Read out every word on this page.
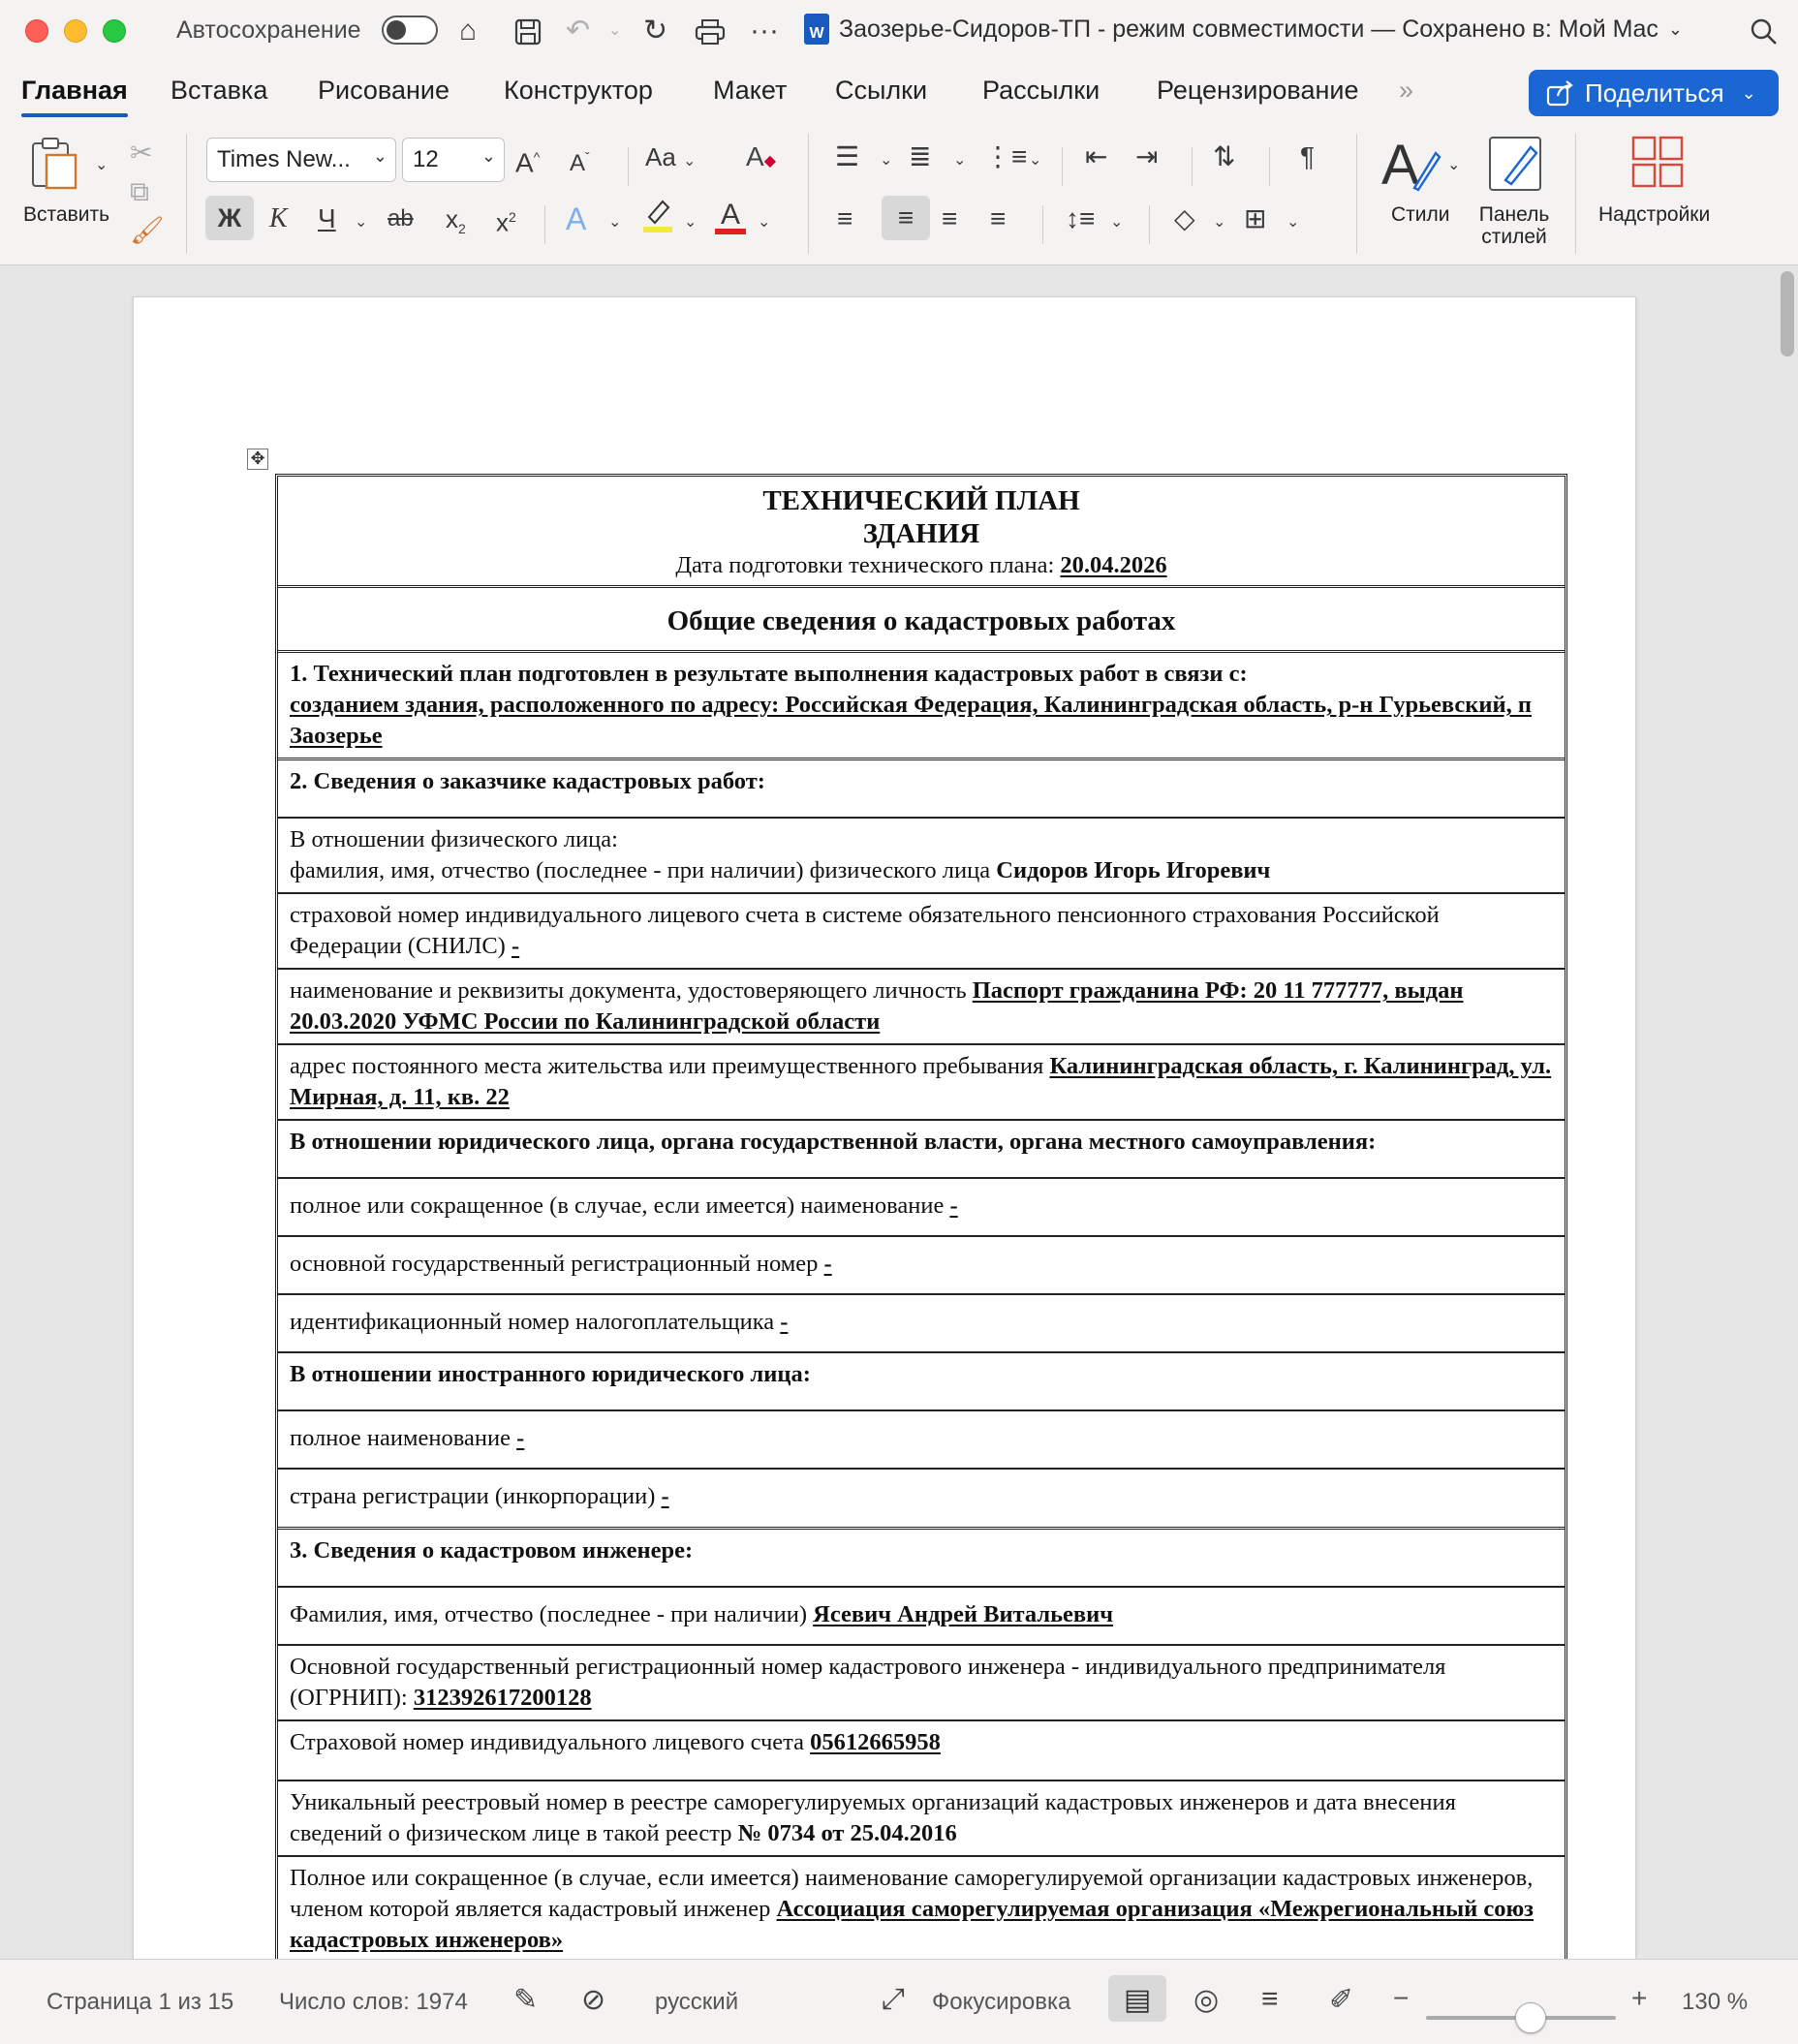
Автосохранение	⌂	↶ ⌄ ↻	···	W Заозерье-Сидоров-ТП - режим совместимости — Сохранено в: Мой Mac ⌄
Главная Вставка Рисование Конструктор Макет Ссылки Рассылки Рецензирование »	Поделиться ⌄
⌄
Вставить
✂
⧉
🖌
Times New... ⌄	12 ⌄ A^ $A^ˇ$ Aa ⌄ A◆
Ж	К Ч ⌄ ab $x_2$ $x^2$ A ⌄	⌄ A	⌄
☰ ⌄ ≣ ⌄ ⋮≡ ⌄ ⇤ ⇥ ⇅ ¶
≡	≡	≡ ≡ ↕≡ ⌄ ◇ ⌄ ⊞ ⌄
A ⌄
Стили	Панель стилей
Надстройки
✥
ТЕХНИЧЕСКИЙ ПЛАН
ЗДАНИЯ
Дата подготовки технического плана: 20.04.2026
Общие сведения о кадастровых работах
1. Технический план подготовлен в результате выполнения кадастровых работ в связи с:
созданием здания, расположенного по адресу: Российская Федерация, Калининградская область, р-н Гурьевский, п Заозерье
2. Сведения о заказчике кадастровых работ:
В отношении физического лица:
фамилия, имя, отчество (последнее - при наличии) физического лица Сидоров Игорь Игоревич
страховой номер индивидуального лицевого счета в системе обязательного пенсионного страхования Российской Федерации (СНИЛС) -
наименование и реквизиты документа, удостоверяющего личность Паспорт гражданина РФ: 20 11 777777, выдан 20.03.2020 УФМС России по Калининградской области
адрес постоянного места жительства или преимущественного пребывания Калининградская область, г. Калининград, ул. Мирная, д. 11, кв. 22
В отношении юридического лица, органа государственной власти, органа местного самоуправления:
полное или сокращенное (в случае, если имеется) наименование -
основной государственный регистрационный номер -
идентификационный номер налогоплательщика -
В отношении иностранного юридического лица:
полное наименование -
страна регистрации (инкорпорации) -
3. Сведения о кадастровом инженере:
Фамилия, имя, отчество (последнее - при наличии) Ясевич Андрей Витальевич
Основной государственный регистрационный номер кадастрового инженера - индивидуального предпринимателя (ОГРНИП): 312392617200128
Страховой номер индивидуального лицевого счета 05612665958
Уникальный реестровый номер в реестре саморегулируемых организаций кадастровых инженеров и дата внесения сведений о физическом лице в такой реестр № 0734 от 25.04.2016
Полное или сокращенное (в случае, если имеется) наименование саморегулируемой организации кадастровых инженеров, членом которой является кадастровый инженер Ассоциация саморегулируемая организация «Межрегиональный союз кадастровых инженеров»
Страница 1 из 15 Число слов: 1974 ✎ ⊘ русский	⤢ Фокусировка ▤ ◎ ≡ ✐ −	+ 130 %
